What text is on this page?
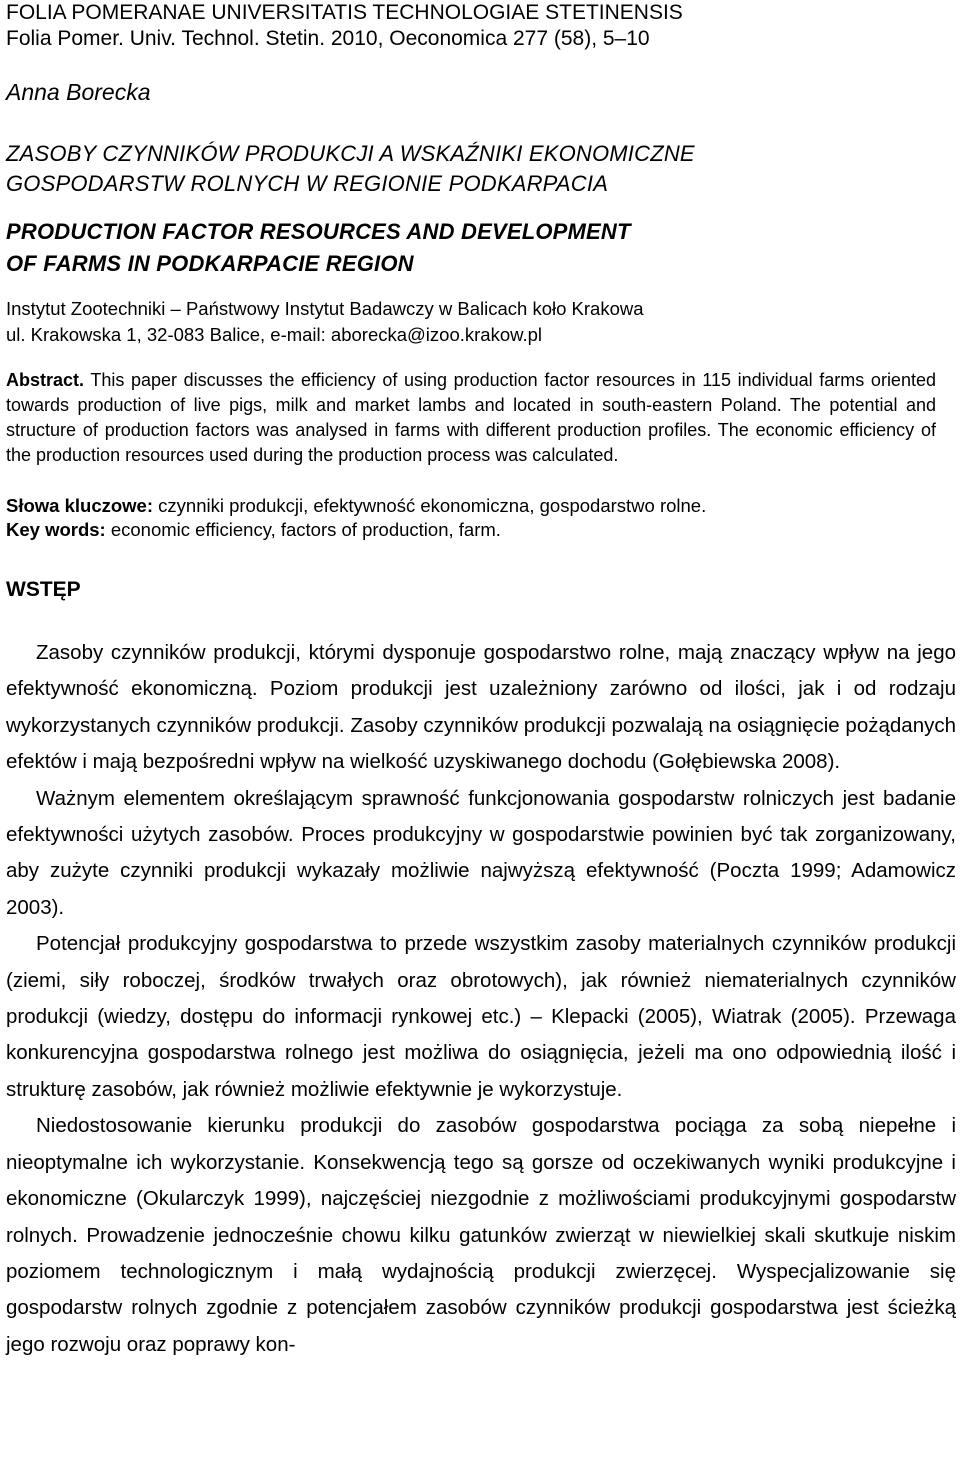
FOLIA POMERANAE UNIVERSITATIS TECHNOLOGIAE STETINENSIS
Folia Pomer. Univ. Technol. Stetin. 2010, Oeconomica 277 (58), 5–10
Anna Borecka
ZASOBY CZYNNIKÓW PRODUKCJI A WSKAŹNIKI EKONOMICZNE
GOSPODARSTW ROLNYCH W REGIONIE PODKARPACIA
PRODUCTION FACTOR RESOURCES AND DEVELOPMENT
OF FARMS IN PODKARPACIE REGION
Instytut Zootechniki – Państwowy Instytut Badawczy w Balicach koło Krakowa
ul. Krakowska 1, 32-083 Balice, e-mail: aborecka@izoo.krakow.pl
Abstract. This paper discusses the efficiency of using production factor resources in 115 individual farms oriented towards production of live pigs, milk and market lambs and located in south-eastern Poland. The potential and structure of production factors was analysed in farms with different production profiles. The economic efficiency of the production resources used during the production process was calculated.
Słowa kluczowe: czynniki produkcji, efektywność ekonomiczna, gospodarstwo rolne.
Key words: economic efficiency, factors of production, farm.
WSTĘP

Zasoby czynników produkcji, którymi dysponuje gospodarstwo rolne, mają znaczący wpływ na jego efektywność ekonomiczną. Poziom produkcji jest uzależniony zarówno od ilości, jak i od rodzaju wykorzystanych czynników produkcji. Zasoby czynników produkcji pozwalają na osiągnięcie pożądanych efektów i mają bezpośredni wpływ na wielkość uzyskiwanego dochodu (Gołębiewska 2008).

Ważnym elementem określającym sprawność funkcjonowania gospodarstw rolniczych jest badanie efektywności użytych zasobów. Proces produkcyjny w gospodarstwie powinien być tak zorganizowany, aby zużyte czynniki produkcji wykazały możliwie najwyższą efektywność (Poczta 1999; Adamowicz 2003).

Potencjał produkcyjny gospodarstwa to przede wszystkim zasoby materialnych czynników produkcji (ziemi, siły roboczej, środków trwałych oraz obrotowych), jak również niematerialnych czynników produkcji (wiedzy, dostępu do informacji rynkowej etc.) – Klepacki (2005), Wiatrak (2005). Przewaga konkurencyjna gospodarstwa rolnego jest możliwa do osiągnięcia, jeżeli ma ono odpowiednią ilość i strukturę zasobów, jak również możliwie efektywnie je wykorzystuje.

Niedostosowanie kierunku produkcji do zasobów gospodarstwa pociąga za sobą niepełne i nieoptymalne ich wykorzystanie. Konsekwencją tego są gorsze od oczekiwanych wyniki produkcyjne i ekonomiczne (Okularczyk 1999), najczęściej niezgodnie z możliwościami produkcyjnymi gospodarstw rolnych. Prowadzenie jednocześnie chowu kilku gatunków zwierząt w niewielkiej skali skutkuje niskim poziomem technologicznym i małą wydajnością produkcji zwierzęcej. Wyspecjalizowanie się gospodarstw rolnych zgodnie z potencjałem zasobów czynników produkcji gospodarstwa jest ścieżką jego rozwoju oraz poprawy kon-
